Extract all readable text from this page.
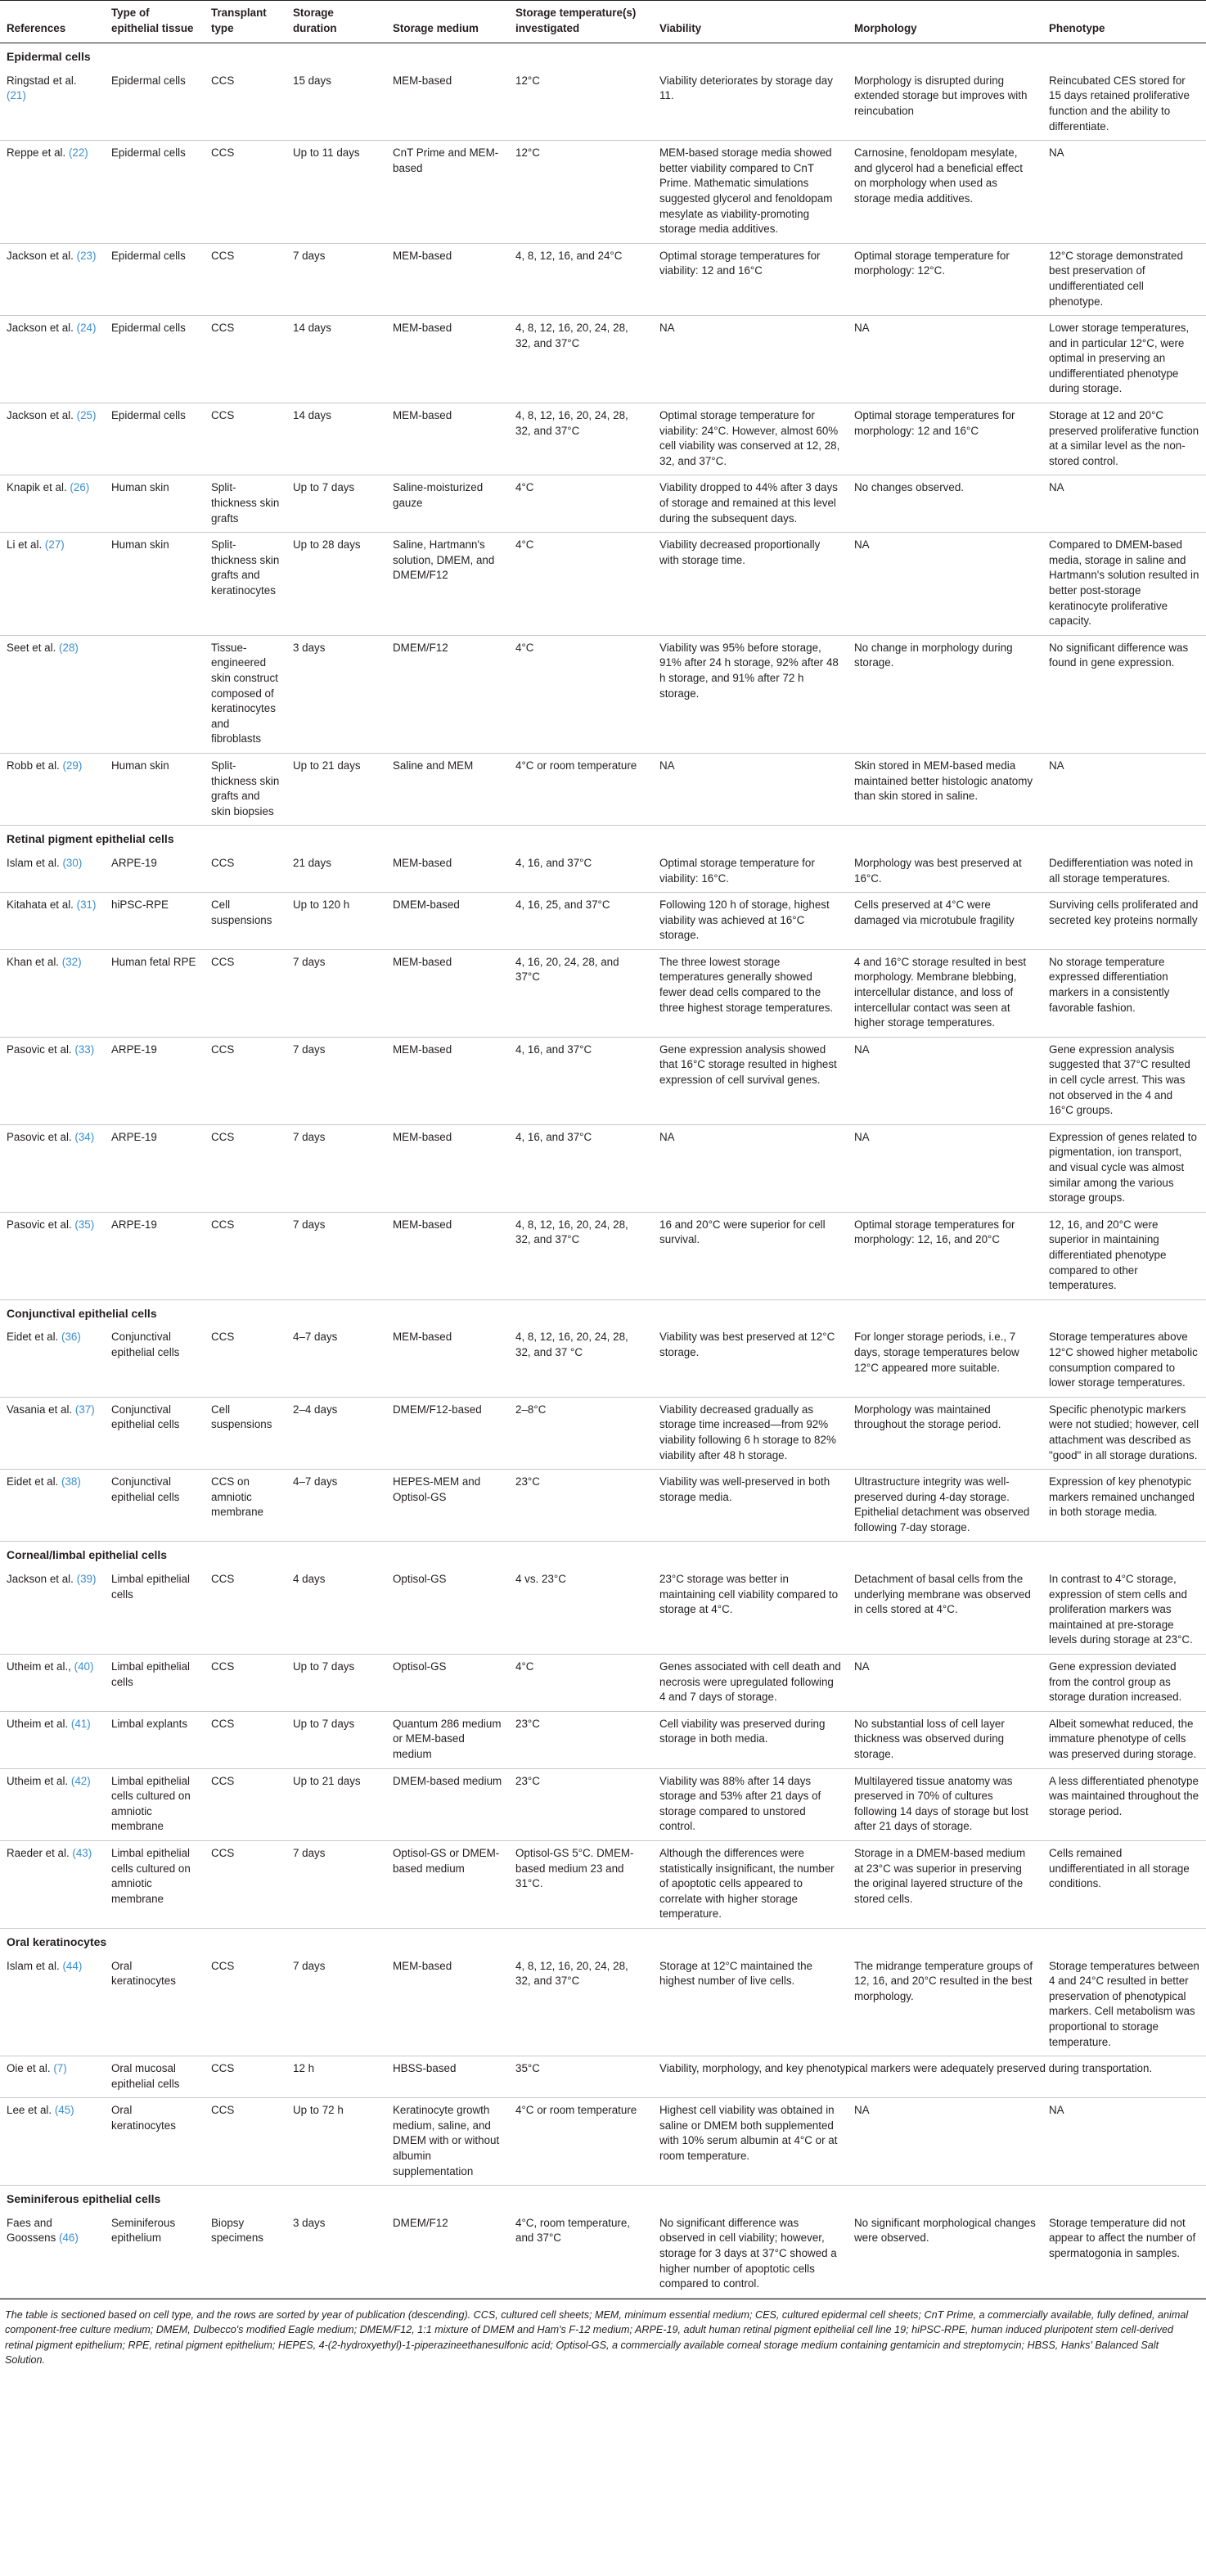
References	Type of epithelial tissue	Transplant type	Storage duration	Storage medium	Storage temperature(s) investigated	Viability	Morphology	Phenotype
Epidermal cells								
Ringstad et al. (21)	Epidermal cells	CCS	15 days	MEM-based	12°C	Viability deteriorates by storage day 11.	Morphology is disrupted during extended storage but improves with reincubation	Reincubated CES stored for 15 days retained proliferative function and the ability to differentiate.
Reppe et al. (22)	Epidermal cells	CCS	Up to 11 days	CnT Prime and MEM-based	12°C	MEM-based storage media showed better viability compared to CnT Prime. Mathematic simulations suggested glycerol and fenoldopam mesylate as viability-promoting storage media additives.	Carnosine, fenoldopam mesylate, and glycerol had a beneficial effect on morphology when used as storage media additives.	NA
Jackson et al. (23)	Epidermal cells	CCS	7 days	MEM-based	4, 8, 12, 16, and 24°C	Optimal storage temperatures for viability: 12 and 16°C	Optimal storage temperature for morphology: 12°C.	12°C storage demonstrated best preservation of undifferentiated cell phenotype.
Jackson et al. (24)	Epidermal cells	CCS	14 days	MEM-based	4, 8, 12, 16, 20, 24, 28, 32, and 37°C	NA	NA	Lower storage temperatures, and in particular 12°C, were optimal in preserving an undifferentiated phenotype during storage.
Jackson et al. (25)	Epidermal cells	CCS	14 days	MEM-based	4, 8, 12, 16, 20, 24, 28, 32, and 37°C	Optimal storage temperature for viability: 24°C. However, almost 60% cell viability was conserved at 12, 28, 32, and 37°C.	Optimal storage temperatures for morphology: 12 and 16°C	Storage at 12 and 20°C preserved proliferative function at a similar level as the non-stored control.
Knapik et al. (26)	Human skin	Split-thickness skin grafts	Up to 7 days	Saline-moisturized gauze	4°C	Viability dropped to 44% after 3 days of storage and remained at this level during the subsequent days.	No changes observed.	NA
Li et al. (27)	Human skin	Split-thickness skin grafts and keratinocytes	Up to 28 days	Saline, Hartmann's solution, DMEM, and DMEM/F12	4°C	Viability decreased proportionally with storage time.	NA	Compared to DMEM-based media, storage in saline and Hartmann's solution resulted in better post-storage keratinocyte proliferative capacity.
Seet et al. (28)		Tissue-engineered skin construct composed of keratinocytes and fibroblasts	3 days	DMEM/F12	4°C	Viability was 95% before storage, 91% after 24 h storage, 92% after 48 h storage, and 91% after 72 h storage.	No change in morphology during storage.	No significant difference was found in gene expression.
Robb et al. (29)	Human skin	Split-thickness skin grafts and skin biopsies	Up to 21 days	Saline and MEM	4°C or room temperature	NA	Skin stored in MEM-based media maintained better histologic anatomy than skin stored in saline.	NA
Retinal pigment epithelial cells								
Islam et al. (30)	ARPE-19	CCS	21 days	MEM-based	4, 16, and 37°C	Optimal storage temperature for viability: 16°C.	Morphology was best preserved at 16°C.	Dedifferentiation was noted in all storage temperatures.
Kitahata et al. (31)	hiPSC-RPE	Cell suspensions	Up to 120 h	DMEM-based	4, 16, 25, and 37°C	Following 120 h of storage, highest viability was achieved at 16°C storage.	Cells preserved at 4°C were damaged via microtubule fragility	Surviving cells proliferated and secreted key proteins normally
Khan et al. (32)	Human fetal RPE	CCS	7 days	MEM-based	4, 16, 20, 24, 28, and 37°C	The three lowest storage temperatures generally showed fewer dead cells compared to the three highest storage temperatures.	4 and 16°C storage resulted in best morphology. Membrane blebbing, intercellular distance, and loss of intercellular contact was seen at higher storage temperatures.	No storage temperature expressed differentiation markers in a consistently favorable fashion.
Pasovic et al. (33)	ARPE-19	CCS	7 days	MEM-based	4, 16, and 37°C	Gene expression analysis showed that 16°C storage resulted in highest expression of cell survival genes.	NA	Gene expression analysis suggested that 37°C resulted in cell cycle arrest. This was not observed in the 4 and 16°C groups.
Pasovic et al. (34)	ARPE-19	CCS	7 days	MEM-based	4, 16, and 37°C	NA	NA	Expression of genes related to pigmentation, ion transport, and visual cycle was almost similar among the various storage groups.
Pasovic et al. (35)	ARPE-19	CCS	7 days	MEM-based	4, 8, 12, 16, 20, 24, 28, 32, and 37°C	16 and 20°C were superior for cell survival.	Optimal storage temperatures for morphology: 12, 16, and 20°C	12, 16, and 20°C were superior in maintaining differentiated phenotype compared to other temperatures.
Conjunctival epithelial cells								
Eidet et al. (36)	Conjunctival epithelial cells	CCS	4–7 days	MEM-based	4, 8, 12, 16, 20, 24, 28, 32, and 37 °C	Viability was best preserved at 12°C storage.	For longer storage periods, i.e., 7 days, storage temperatures below 12°C appeared more suitable.	Storage temperatures above 12°C showed higher metabolic consumption compared to lower storage temperatures.
Vasania et al. (37)	Conjunctival epithelial cells	Cell suspensions	2–4 days	DMEM/F12-based	2–8°C	Viability decreased gradually as storage time increased—from 92% viability following 6 h storage to 82% viability after 48 h storage.	Morphology was maintained throughout the storage period.	Specific phenotypic markers were not studied; however, cell attachment was described as "good" in all storage durations.
Eidet et al. (38)	Conjunctival epithelial cells	CCS on amniotic membrane	4–7 days	HEPES-MEM and Optisol-GS	23°C	Viability was well-preserved in both storage media.	Ultrastructure integrity was well-preserved during 4-day storage. Epithelial detachment was observed following 7-day storage.	Expression of key phenotypic markers remained unchanged in both storage media.
Corneal/limbal epithelial cells								
Jackson et al. (39)	Limbal epithelial cells	CCS	4 days	Optisol-GS	4 vs. 23°C	23°C storage was better in maintaining cell viability compared to storage at 4°C.	Detachment of basal cells from the underlying membrane was observed in cells stored at 4°C.	In contrast to 4°C storage, expression of stem cells and proliferation markers was maintained at pre-storage levels during storage at 23°C.
Utheim et al., (40)	Limbal epithelial cells	CCS	Up to 7 days	Optisol-GS	4°C	Genes associated with cell death and necrosis were upregulated following 4 and 7 days of storage.	NA	Gene expression deviated from the control group as storage duration increased.
Utheim et al. (41)	Limbal explants	CCS	Up to 7 days	Quantum 286 medium or MEM-based medium	23°C	Cell viability was preserved during storage in both media.	No substantial loss of cell layer thickness was observed during storage.	Albeit somewhat reduced, the immature phenotype of cells was preserved during storage.
Utheim et al. (42)	Limbal epithelial cells cultured on amniotic membrane	CCS	Up to 21 days	DMEM-based medium	23°C	Viability was 88% after 14 days storage and 53% after 21 days of storage compared to unstored control.	Multilayered tissue anatomy was preserved in 70% of cultures following 14 days of storage but lost after 21 days of storage.	A less differentiated phenotype was maintained throughout the storage period.
Raeder et al. (43)	Limbal epithelial cells cultured on amniotic membrane	CCS	7 days	Optisol-GS or DMEM-based medium	Optisol-GS 5°C. DMEM-based medium 23 and 31°C.	Although the differences were statistically insignificant, the number of apoptotic cells appeared to correlate with higher storage temperature.	Storage in a DMEM-based medium at 23°C was superior in preserving the original layered structure of the stored cells.	Cells remained undifferentiated in all storage conditions.
Oral keratinocytes								
Islam et al. (44)	Oral keratinocytes	CCS	7 days	MEM-based	4, 8, 12, 16, 20, 24, 28, 32, and 37°C	Storage at 12°C maintained the highest number of live cells.	The midrange temperature groups of 12, 16, and 20°C resulted in the best morphology.	Storage temperatures between 4 and 24°C resulted in better preservation of phenotypical markers. Cell metabolism was proportional to storage temperature.
Oie et al. (7)	Oral mucosal epithelial cells	CCS	12 h	HBSS-based	35°C	Viability, morphology, and key phenotypical markers were adequately preserved during transportation.		
Lee et al. (45)	Oral keratinocytes	CCS	Up to 72 h	Keratinocyte growth medium, saline, and DMEM with or without albumin supplementation	4°C or room temperature	Highest cell viability was obtained in saline or DMEM both supplemented with 10% serum albumin at 4°C or at room temperature.	NA	NA
Seminiferous epithelial cells								
Faes and Goossens (46)	Seminiferous epithelium	Biopsy specimens	3 days	DMEM/F12	4°C, room temperature, and 37°C	No significant difference was observed in cell viability; however, storage for 3 days at 37°C showed a higher number of apoptotic cells compared to control.	No significant morphological changes were observed.	Storage temperature did not appear to affect the number of spermatogonia in samples.
The table is sectioned based on cell type, and the rows are sorted by year of publication (descending). CCS, cultured cell sheets; MEM, minimum essential medium; CES, cultured epidermal cell sheets; CnT Prime, a commercially available, fully defined, animal component-free culture medium; DMEM, Dulbecco's modified Eagle medium; DMEM/F12, 1:1 mixture of DMEM and Ham's F-12 medium; ARPE-19, adult human retinal pigment epithelial cell line 19; hiPSC-RPE, human induced pluripotent stem cell-derived retinal pigment epithelium; RPE, retinal pigment epithelium; HEPES, 4-(2-hydroxyethyl)-1-piperazineethanesulfonic acid; Optisol-GS, a commercially available corneal storage medium containing gentamicin and streptomycin; HBSS, Hanks' Balanced Salt Solution.
